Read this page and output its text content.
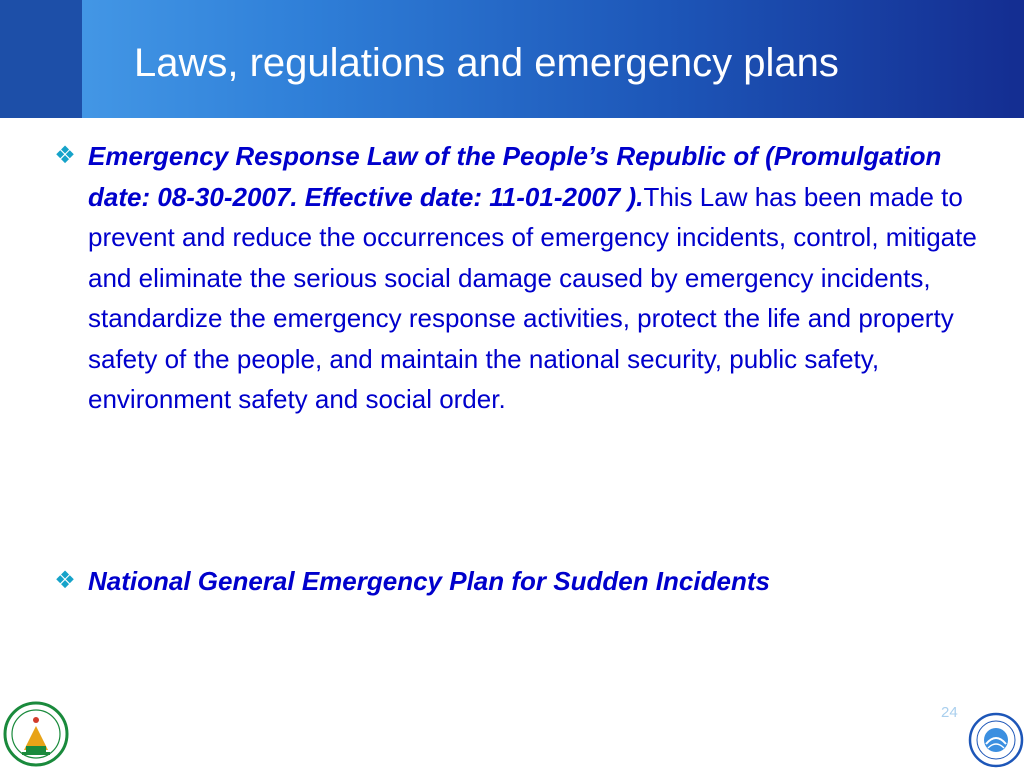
Laws, regulations and emergency plans
❖ Emergency Response Law of the People’s Republic of (Promulgation date: 08-30-2007. Effective date: 11-01-2007 ).This Law has been made to prevent and reduce the occurrences of emergency incidents, control, mitigate and eliminate the serious social damage caused by emergency incidents, standardize the emergency response activities, protect the life and property safety of the people, and maintain the national security, public safety, environment safety and social order.
❖ National General Emergency Plan for Sudden Incidents
24
